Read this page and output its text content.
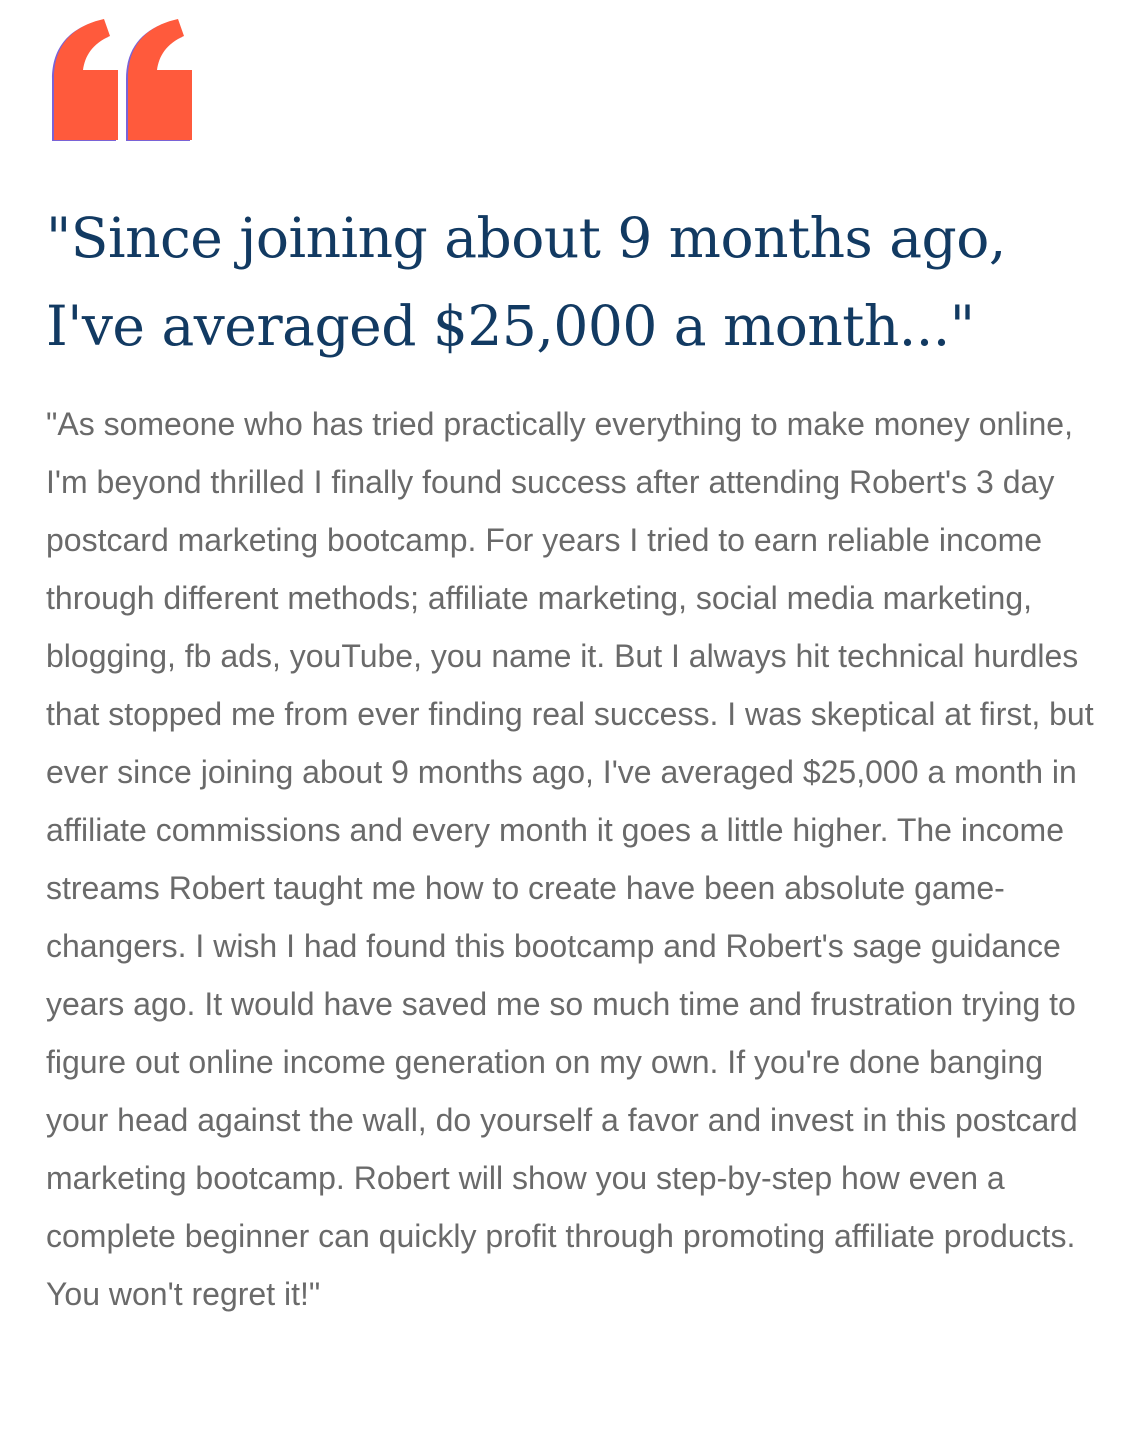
"Since joining about 9 months ago, I've averaged $25,000 a month..."

"As someone who has tried practically everything to make money online, I'm beyond thrilled I finally found success after attending Robert's 3 day postcard marketing bootcamp. For years I tried to earn reliable income through different methods; affiliate marketing, social media marketing, blogging, fb ads, youTube, you name it. But I always hit technical hurdles that stopped me from ever finding real success. I was skeptical at first, but ever since joining about 9 months ago, I've averaged $25,000 a month in affiliate commissions and every month it goes a little higher. The income streams Robert taught me how to create have been absolute game-changers. I wish I had found this bootcamp and Robert's sage guidance years ago. It would have saved me so much time and frustration trying to figure out online income generation on my own. If you're done banging your head against the wall, do yourself a favor and invest in this postcard marketing bootcamp. Robert will show you step-by-step how even a complete beginner can quickly profit through promoting affiliate products. You won't regret it!"
